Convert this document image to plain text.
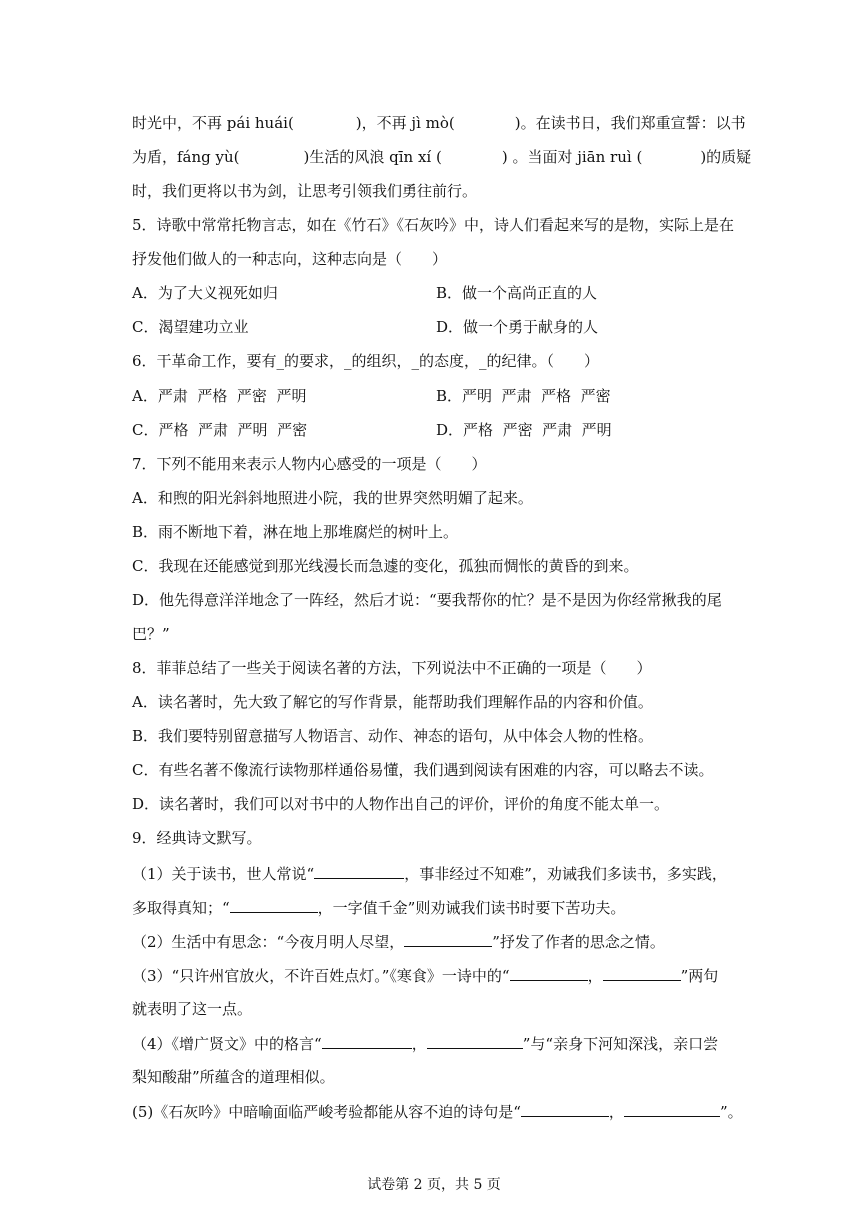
时光中，不再 pái huái(	)，不再 jì mò(	)。在读书日，我们郑重宣誓：以书
为盾，fáng yù(	)生活的风浪 qīn xí (	) 。当面对 jiān ruì (	)的质疑
时，我们更将以书为剑，让思考引领我们勇往前行。
5．诗歌中常常托物言志，如在《竹石》《石灰吟》中，诗人们看起来写的是物，实际上是在
抒发他们做人的一种志向，这种志向是（　　）
A．为了大义视死如归	B．做一个高尚正直的人
C．渴望建功立业	D．做一个勇于献身的人
6．干革命工作，要有_的要求，_的组织，_的态度，_的纪律。（　　）
A．严肃  严格  严密  严明	B．严明  严肃  严格  严密
C．严格  严肃  严明  严密	D．严格  严密  严肃  严明
7．下列不能用来表示人物内心感受的一项是（　　）
A．和煦的阳光斜斜地照进小院，我的世界突然明媚了起来。
B．雨不断地下着，淋在地上那堆腐烂的树叶上。
C．我现在还能感觉到那光线漫长而急遽的变化，孤独而惆怅的黄昏的到来。
D．他先得意洋洋地念了一阵经，然后才说：“要我帮你的忙？是不是因为你经常揪我的尾
巴？”
8．菲菲总结了一些关于阅读名著的方法，下列说法中不正确的一项是（　　）
A．读名著时，先大致了解它的写作背景，能帮助我们理解作品的内容和价值。
B．我们要特别留意描写人物语言、动作、神态的语句，从中体会人物的性格。
C．有些名著不像流行读物那样通俗易懂，我们遇到阅读有困难的内容，可以略去不读。
D．读名著时，我们可以对书中的人物作出自己的评价，评价的角度不能太单一。
9．经典诗文默写。
（1）关于读书，世人常说“	，事非经过不知难”，劝诫我们多读书，多实践，
多取得真知；“	，一字值千金”则劝诫我们读书时要下苦功夫。
（2）生活中有思念：“今夜月明人尽望，	”抒发了作者的思念之情。
（3）“只许州官放火，不许百姓点灯。”《寒食》一诗中的“	，	”两句
就表明了这一点。
（4）《增广贤文》中的格言“	，	”与“亲身下河知深浅，亲口尝
梨知酸甜”所蕴含的道理相似。
(5)《石灰吟》中暗喻面临严峻考验都能从容不迫的诗句是“	，	”。
试卷第 2 页，共 5 页
